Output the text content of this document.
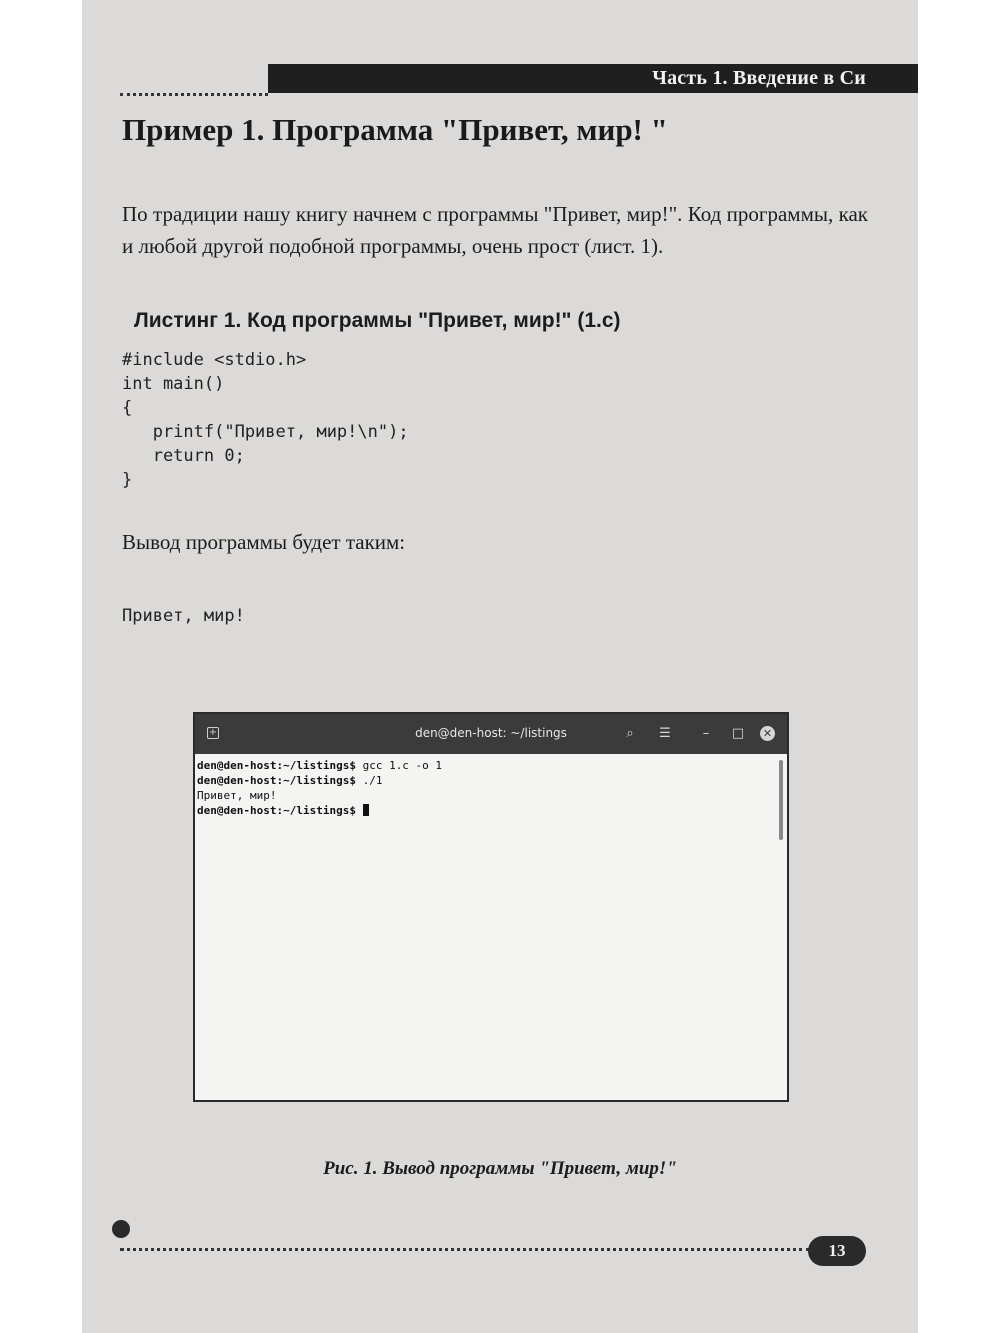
Часть 1. Введение в Си
Пример 1. Программа "Привет, мир! "

По традиции нашу книгу начнем с программы "Привет, мир!". Код программы, как и любой другой подобной программы, очень прост (лист. 1).

Листинг 1. Код программы "Привет, мир!" (1.c)
#include <stdio.h>
int main()
{
printf("Привет, мир!\n");
return 0;
}

Вывод программы будет таким:

Привет, мир!
+	den@den-host: ~/listings	⌕	☰	–	□	✕
den@den-host:~/listings$ gcc 1.c -o 1
den@den-host:~/listings$ ./1
Привет, мир!
den@den-host:~/listings$

Рис. 1. Вывод программы "Привет, мир!"

13
